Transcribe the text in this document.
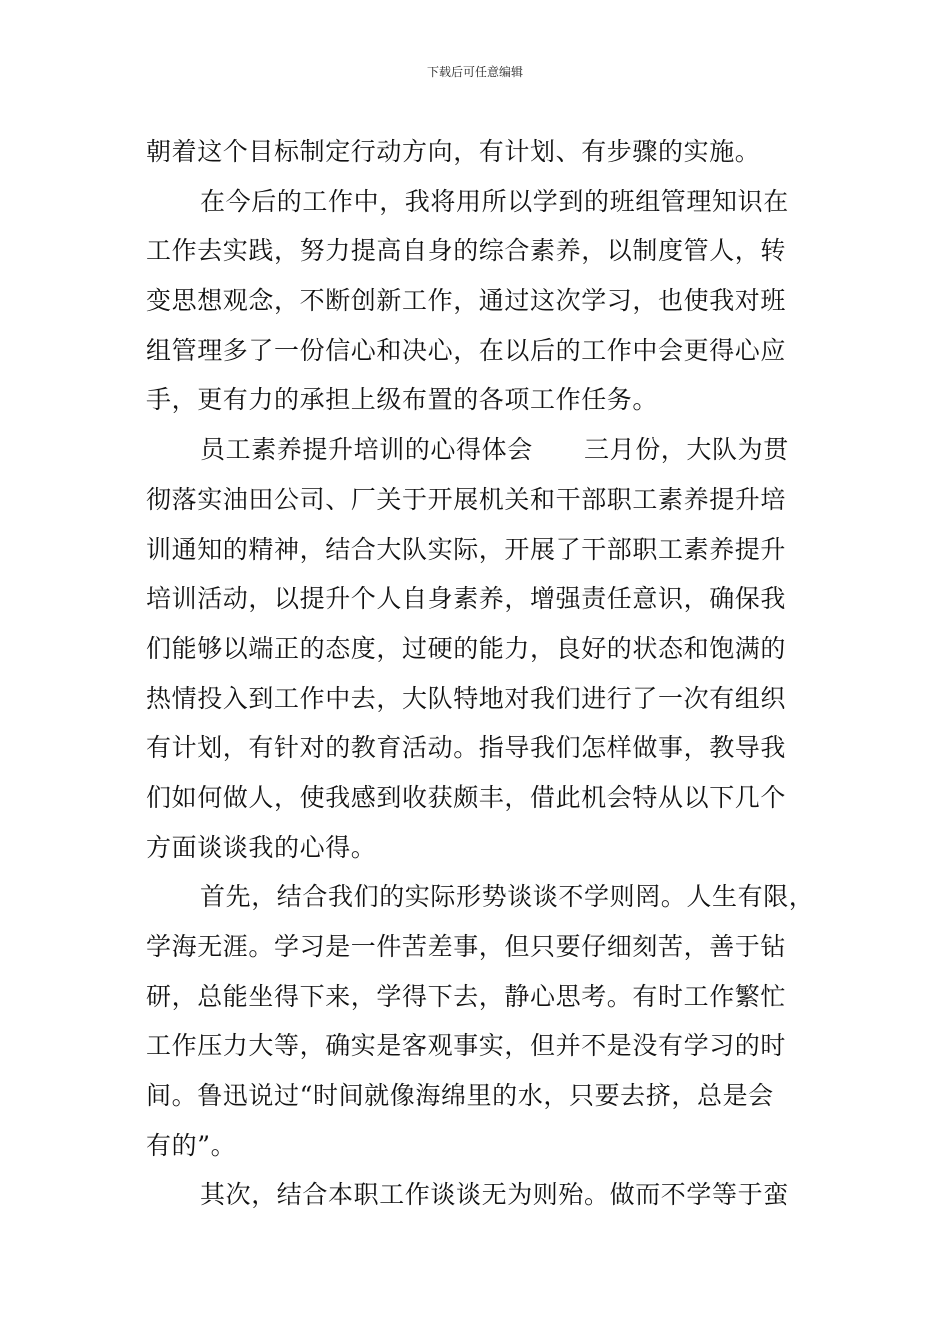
下载后可任意编辑
朝着这个目标制定行动方向，有计划、有步骤的实施。
在今后的工作中，我将用所以学到的班组管理知识在
工作去实践，努力提高自身的综合素养，以制度管人，转
变思想观念，不断创新工作，通过这次学习，也使我对班
组管理多了一份信心和决心，在以后的工作中会更得心应
手，更有力的承担上级布置的各项工作任务。
员工素养提升培训的心得体会　　三月份，大队为贯
彻落实油田公司、厂关于开展机关和干部职工素养提升培
训通知的精神，结合大队实际，开展了干部职工素养提升
培训活动，以提升个人自身素养，增强责任意识，确保我
们能够以端正的态度，过硬的能力，良好的状态和饱满的
热情投入到工作中去，大队特地对我们进行了一次有组织
有计划，有针对的教育活动。指导我们怎样做事，教导我
们如何做人，使我感到收获颇丰，借此机会特从以下几个
方面谈谈我的心得。
首先，结合我们的实际形势谈谈不学则罔。人生有限，
学海无涯。学习是一件苦差事，但只要仔细刻苦，善于钻
研，总能坐得下来，学得下去，静心思考。有时工作繁忙
工作压力大等，确实是客观事实，但并不是没有学习的时
间。鲁迅说过“时间就像海绵里的水，只要去挤，总是会
有的”。
其次，结合本职工作谈谈无为则殆。做而不学等于蛮
